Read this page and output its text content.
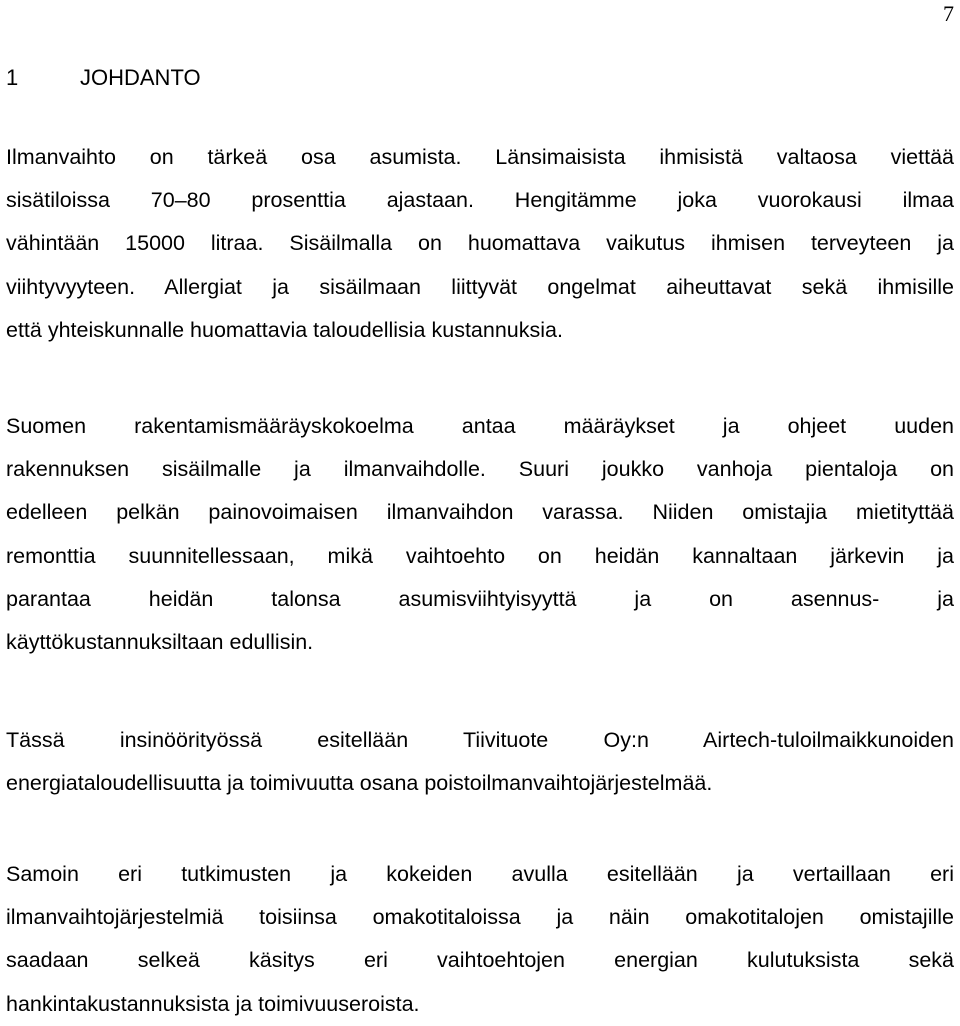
7
1	JOHDANTO
Ilmanvaihto on tärkeä osa asumista. Länsimaisista ihmisistä valtaosa viettää
sisätiloissa 70–80 prosenttia ajastaan. Hengitämme joka vuorokausi ilmaa
vähintään 15000 litraa. Sisäilmalla on huomattava vaikutus ihmisen terveyteen ja
viihtyvyyteen. Allergiat ja sisäilmaan liittyvät ongelmat aiheuttavat sekä ihmisille
että yhteiskunnalle huomattavia taloudellisia kustannuksia.
Suomen rakentamismääräyskokoelma antaa määräykset ja ohjeet uuden
rakennuksen sisäilmalle ja ilmanvaihdolle. Suuri joukko vanhoja pientaloja on
edelleen pelkän painovoimaisen ilmanvaihdon varassa. Niiden omistajia mietityttää
remonttia suunnitellessaan, mikä vaihtoehto on heidän kannaltaan järkevin ja
parantaa heidän talonsa asumisviihtyisyyttä ja on asennus- ja
käyttökustannuksiltaan edullisin.
Tässä insinöörityössä esitellään Tiivituote Oy:n Airtech-tuloilmaikkunoiden
energiataloudellisuutta ja toimivuutta osana poistoilmanvaihtojärjestelmää.
Samoin eri tutkimusten ja kokeiden avulla esitellään ja vertaillaan eri
ilmanvaihtojärjestelmiä toisiinsa omakotitaloissa ja näin omakotitalojen omistajille
saadaan selkeä käsitys eri vaihtoehtojen energian kulutuksista sekä
hankintakustannuksista ja toimivuuseroista.
